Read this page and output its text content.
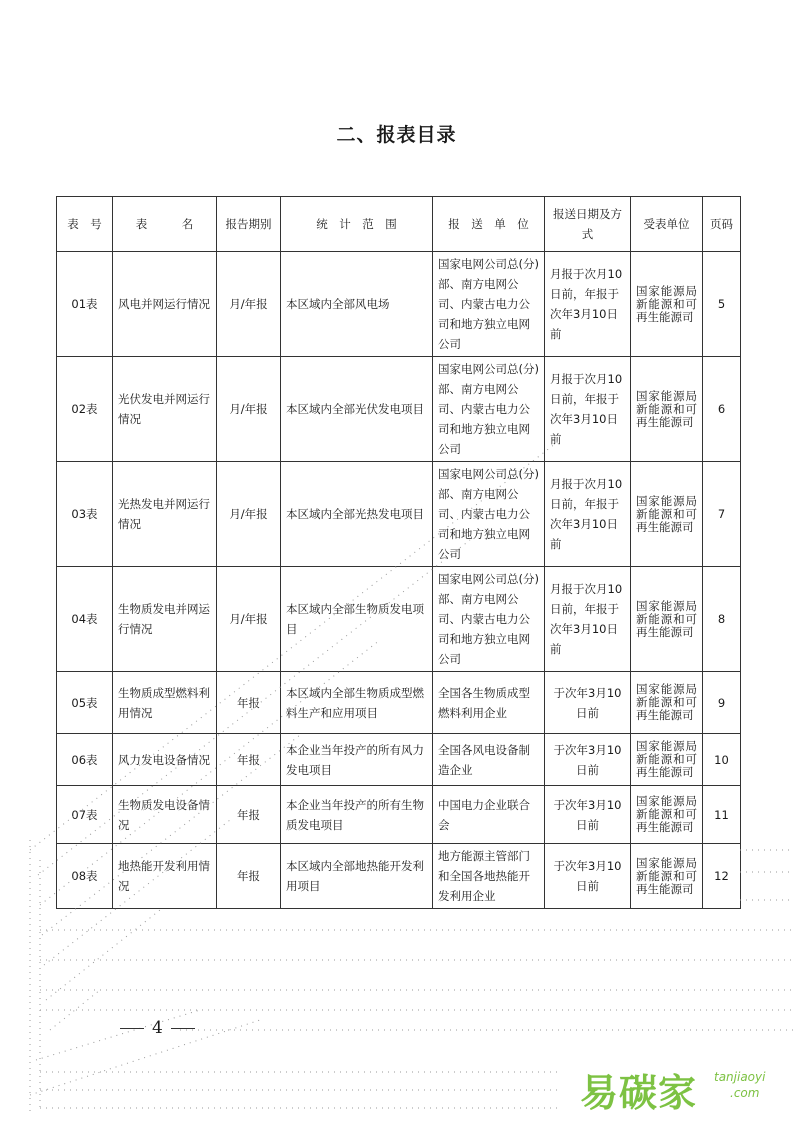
二、报表目录
表　号	表　　　名	报告期别	统　计　范　围	报　送　单　位	报送日期及方式	受表单位	页码
01表	风电并网运行情况	月/年报	本区域内全部风电场	国家电网公司总(分)部、南方电网公司、内蒙古电力公司和地方独立电网公司	月报于次月10日前，年报于次年3月10日前	国家能源局新能源和可再生能源司	5
02表	光伏发电并网运行情况	月/年报	本区域内全部光伏发电项目	国家电网公司总(分)部、南方电网公司、内蒙古电力公司和地方独立电网公司	月报于次月10日前，年报于次年3月10日前	国家能源局新能源和可再生能源司	6
03表	光热发电并网运行情况	月/年报	本区域内全部光热发电项目	国家电网公司总(分)部、南方电网公司、内蒙古电力公司和地方独立电网公司	月报于次月10日前，年报于次年3月10日前	国家能源局新能源和可再生能源司	7
04表	生物质发电并网运行情况	月/年报	本区域内全部生物质发电项目	国家电网公司总(分)部、南方电网公司、内蒙古电力公司和地方独立电网公司	月报于次月10日前，年报于次年3月10日前	国家能源局新能源和可再生能源司	8
05表	生物质成型燃料利用情况	年报	本区域内全部生物质成型燃料生产和应用项目	全国各生物质成型燃料利用企业	于次年3月10日前	国家能源局新能源和可再生能源司	9
06表	风力发电设备情况	年报	本企业当年投产的所有风力发电项目	全国各风电设备制造企业	于次年3月10日前	国家能源局新能源和可再生能源司	10
07表	生物质发电设备情况	年报	本企业当年投产的所有生物质发电项目	中国电力企业联合会	于次年3月10日前	国家能源局新能源和可再生能源司	11
08表	地热能开发利用情况	年报	本区域内全部地热能开发利用项目	地方能源主管部门和全国各地热能开发利用企业	于次年3月10日前	国家能源局新能源和可再生能源司	12
4
易碳家 tanjiaoyi
.com
